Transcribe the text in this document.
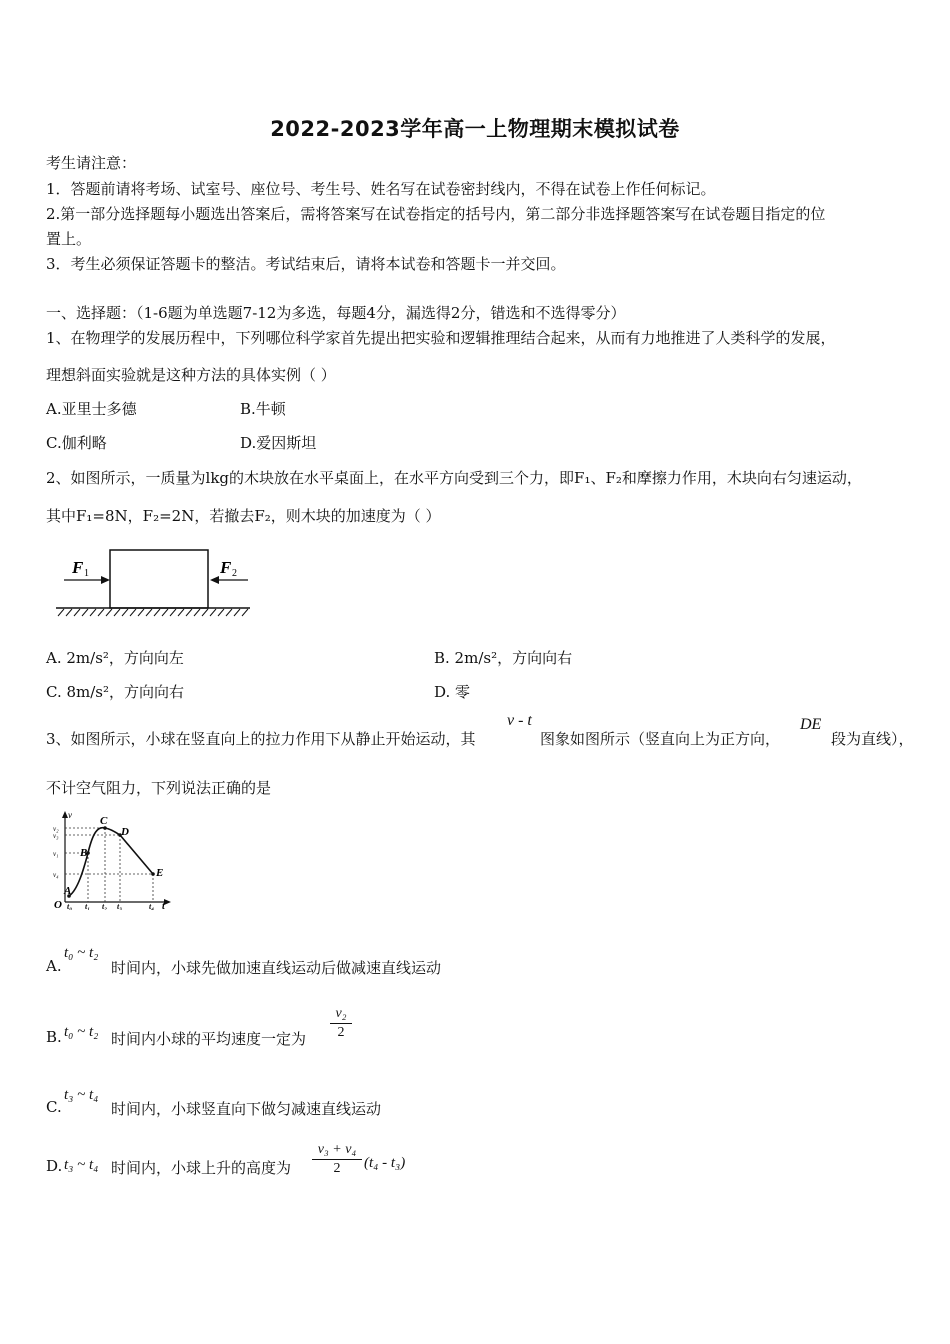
2022-2023学年高一上物理期末模拟试卷
考生请注意：
1．答题前请将考场、试室号、座位号、考生号、姓名写在试卷密封线内，不得在试卷上作任何标记。
2.第一部分选择题每小题选出答案后，需将答案写在试卷指定的括号内，第二部分非选择题答案写在试卷题目指定的位
置上。
3．考生必须保证答题卡的整洁。考试结束后，请将本试卷和答题卡一并交回。
一、选择题：（1-6题为单选题7-12为多选，每题4分，漏选得2分，错选和不选得零分）
1、在物理学的发展历程中，下列哪位科学家首先提出把实验和逻辑推理结合起来，从而有力地推进了人类科学的发展，
理想斜面实验就是这种方法的具体实例（ ）
A.亚里士多德	B.牛顿
C.伽利略	D.爱因斯坦
2、如图所示，一质量为lkg的木块放在水平桌面上，在水平方向受到三个力，即F₁、F₂和摩擦力作用，木块向右匀速运动，
其中F₁=8N，F₂=2N，若撤去F₂，则木块的加速度为（ ）
F 1	F 2
A. 2m/s²，方向向左	B. 2m/s²，方向向右
C. 8m/s²，方向向右	D. 零
3、如图所示，小球在竖直向上的拉力作用下从静止开始运动，其
v - t
图象如图所示（竖直向上为正方向，
DE
段为直线），
不计空气阻力，下列说法正确的是
v
t
O
A
B
C
D
E
v₁
v₂
v₃
v₄
t₀ t₁ t₂ t₃	t₄
A.
t₀ ~ t₂
时间内，小球先做加速直线运动后做减速直线运动
B. t₀ ~ t₂ 时间内小球的平均速度一定为
v₂
2
C.
t₃ ~ t₄
时间内，小球竖直向下做匀减速直线运动
D. t₃ ~ t₄ 时间内，小球上升的高度为
v₃ + v₄
2	(t₄ - t₃)
